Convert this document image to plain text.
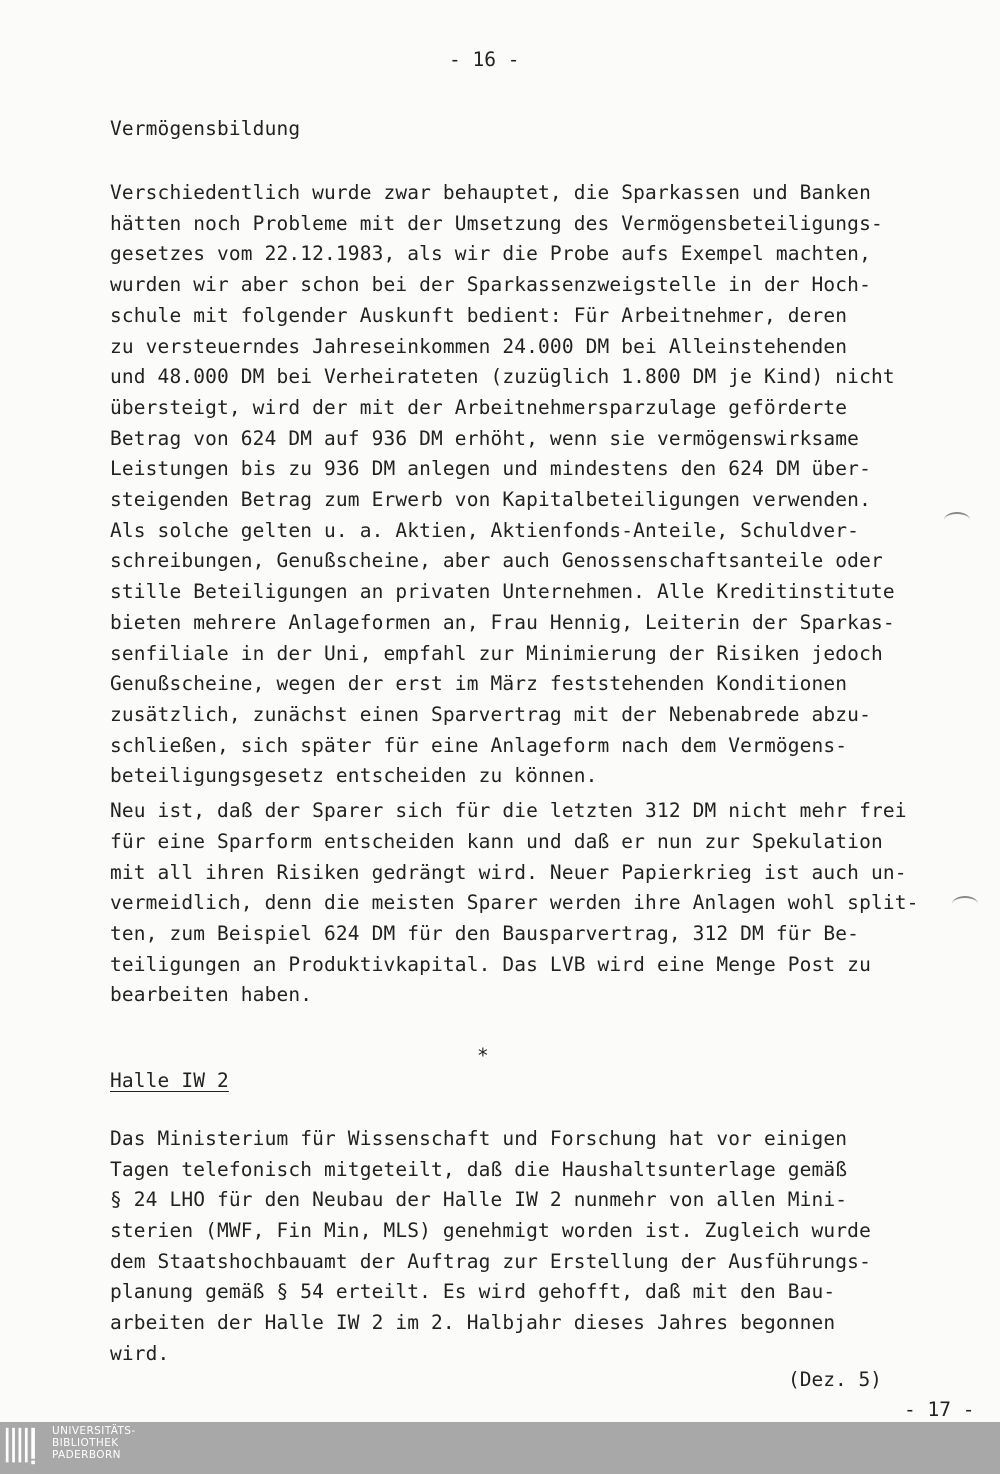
- 16 -
Vermögensbildung
Verschiedentlich wurde zwar behauptet, die Sparkassen und Banken
hätten noch Probleme mit der Umsetzung des Vermögensbeteiligungs-
gesetzes vom 22.12.1983, als wir die Probe aufs Exempel machten,
wurden wir aber schon bei der Sparkassenzweigstelle in der Hoch-
schule mit folgender Auskunft bedient: Für Arbeitnehmer, deren
zu versteuerndes Jahreseinkommen 24.000 DM bei Alleinstehenden
und 48.000 DM bei Verheirateten (zuzüglich 1.800 DM je Kind) nicht
übersteigt, wird der mit der Arbeitnehmersparzulage geförderte
Betrag von 624 DM auf 936 DM erhöht, wenn sie vermögenswirksame
Leistungen bis zu 936 DM anlegen und mindestens den 624 DM über-
steigenden Betrag zum Erwerb von Kapitalbeteiligungen verwenden.
Als solche gelten u. a. Aktien, Aktienfonds-Anteile, Schuldver-
schreibungen, Genußscheine, aber auch Genossenschaftsanteile oder
stille Beteiligungen an privaten Unternehmen. Alle Kreditinstitute
bieten mehrere Anlageformen an, Frau Hennig, Leiterin der Sparkas-
senfiliale in der Uni, empfahl zur Minimierung der Risiken jedoch
Genußscheine, wegen der erst im März feststehenden Konditionen
zusätzlich, zunächst einen Sparvertrag mit der Nebenabrede abzu-
schließen, sich später für eine Anlageform nach dem Vermögens-
beteiligungsgesetz entscheiden zu können.
Neu ist, daß der Sparer sich für die letzten 312 DM nicht mehr frei
für eine Sparform entscheiden kann und daß er nun zur Spekulation
mit all ihren Risiken gedrängt wird. Neuer Papierkrieg ist auch un-
vermeidlich, denn die meisten Sparer werden ihre Anlagen wohl split-
ten, zum Beispiel 624 DM für den Bausparvertrag, 312 DM für Be-
teiligungen an Produktivkapital. Das LVB wird eine Menge Post zu
bearbeiten haben.
*
Halle IW 2
Das Ministerium für Wissenschaft und Forschung hat vor einigen
Tagen telefonisch mitgeteilt, daß die Haushaltsunterlage gemäß
§ 24 LHO für den Neubau der Halle IW 2 nunmehr von allen Mini-
sterien (MWF, Fin Min, MLS) genehmigt worden ist. Zugleich wurde
dem Staatshochbauamt der Auftrag zur Erstellung der Ausführungs-
planung gemäß § 54 erteilt. Es wird gehofft, daß mit den Bau-
arbeiten der Halle IW 2 im 2. Halbjahr dieses Jahres begonnen
wird.
(Dez. 5)
- 17 -
UNIVERSITÄTS-
BIBLIOTHEK
PADERBORN
